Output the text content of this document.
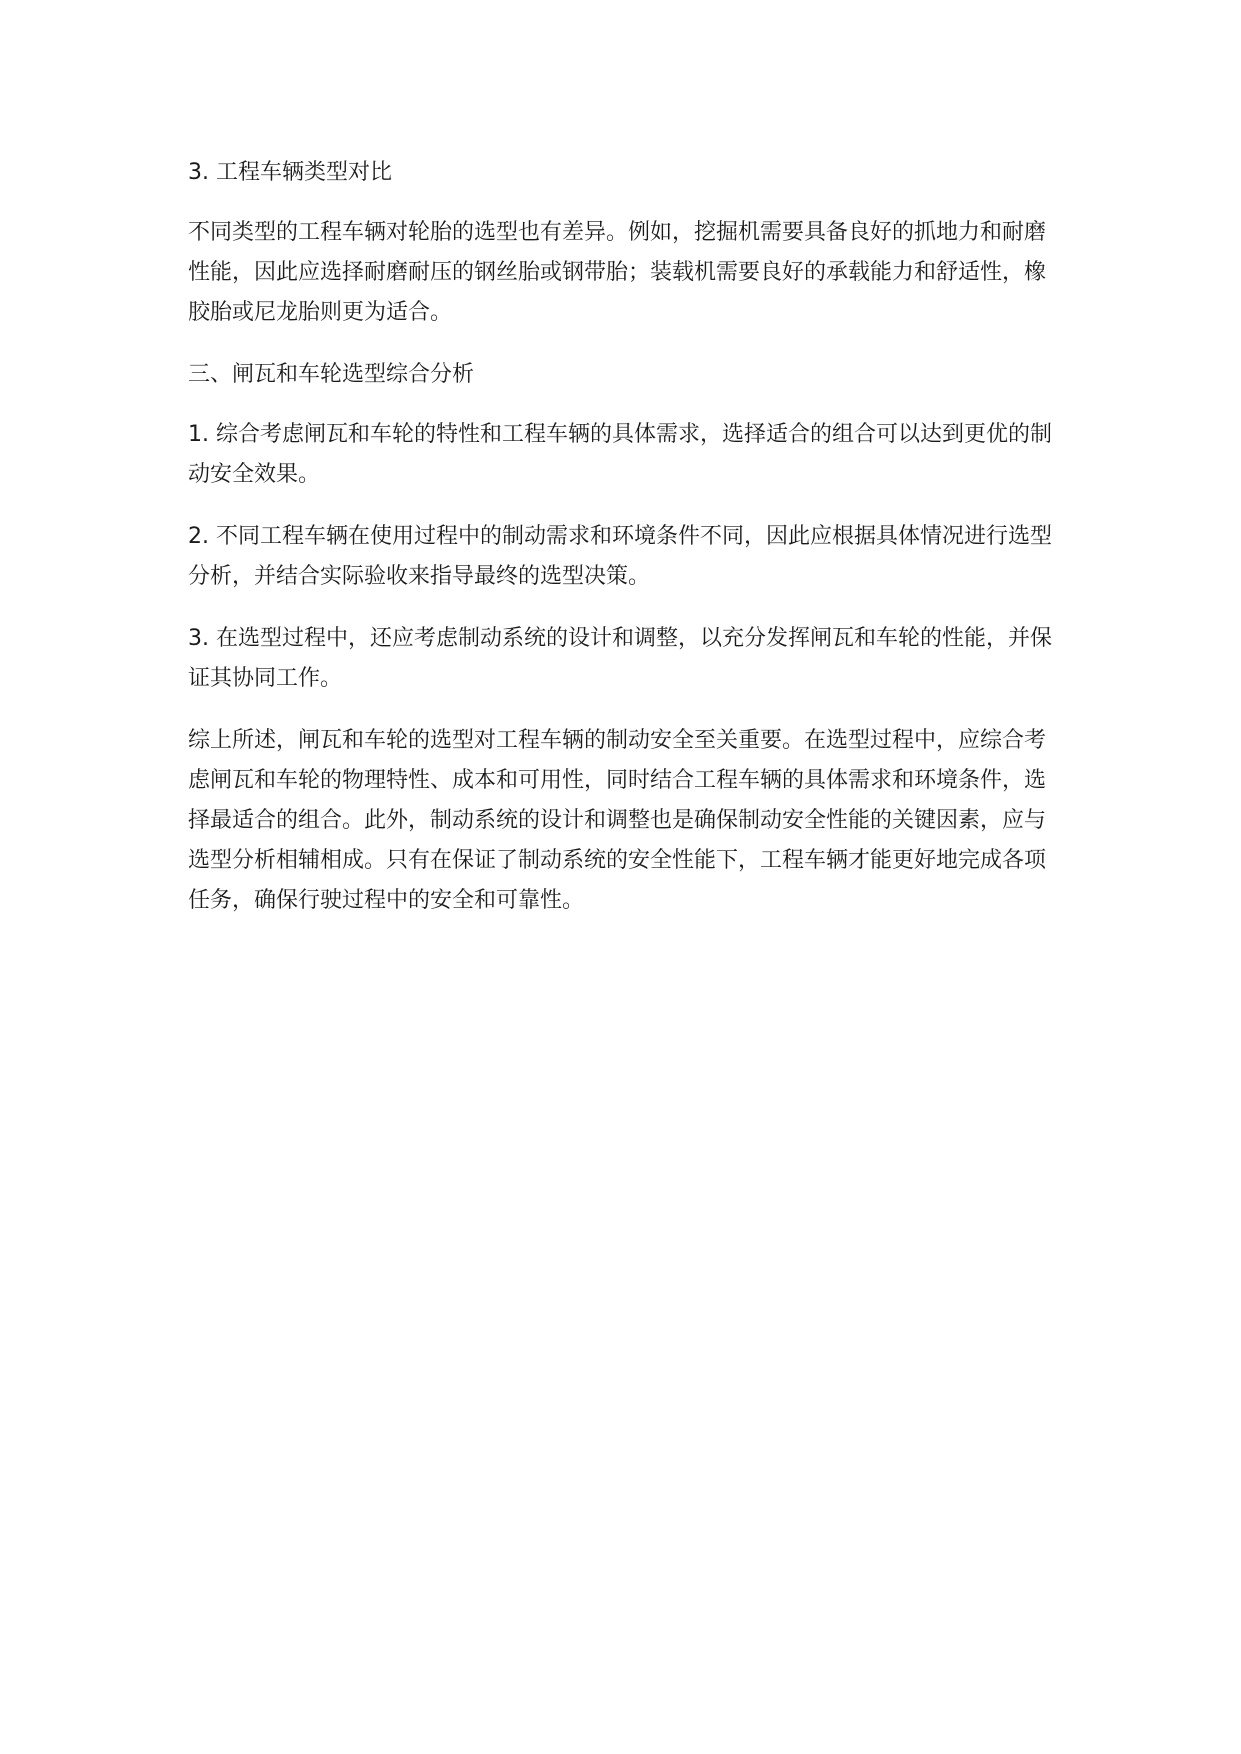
3. 工程车辆类型对比

不同类型的工程车辆对轮胎的选型也有差异。例如，挖掘机需要具备良好的抓地力和耐磨性能，因此应选择耐磨耐压的钢丝胎或钢带胎；装载机需要良好的承载能力和舒适性，橡胶胎或尼龙胎则更为适合。

三、闸瓦和车轮选型综合分析

1. 综合考虑闸瓦和车轮的特性和工程车辆的具体需求，选择适合的组合可以达到更优的制动安全效果。

2. 不同工程车辆在使用过程中的制动需求和环境条件不同，因此应根据具体情况进行选型分析，并结合实际验收来指导最终的选型决策。

3. 在选型过程中，还应考虑制动系统的设计和调整，以充分发挥闸瓦和车轮的性能，并保证其协同工作。

综上所述，闸瓦和车轮的选型对工程车辆的制动安全至关重要。在选型过程中，应综合考虑闸瓦和车轮的物理特性、成本和可用性，同时结合工程车辆的具体需求和环境条件，选择最适合的组合。此外，制动系统的设计和调整也是确保制动安全性能的关键因素，应与选型分析相辅相成。只有在保证了制动系统的安全性能下，工程车辆才能更好地完成各项任务，确保行驶过程中的安全和可靠性。
